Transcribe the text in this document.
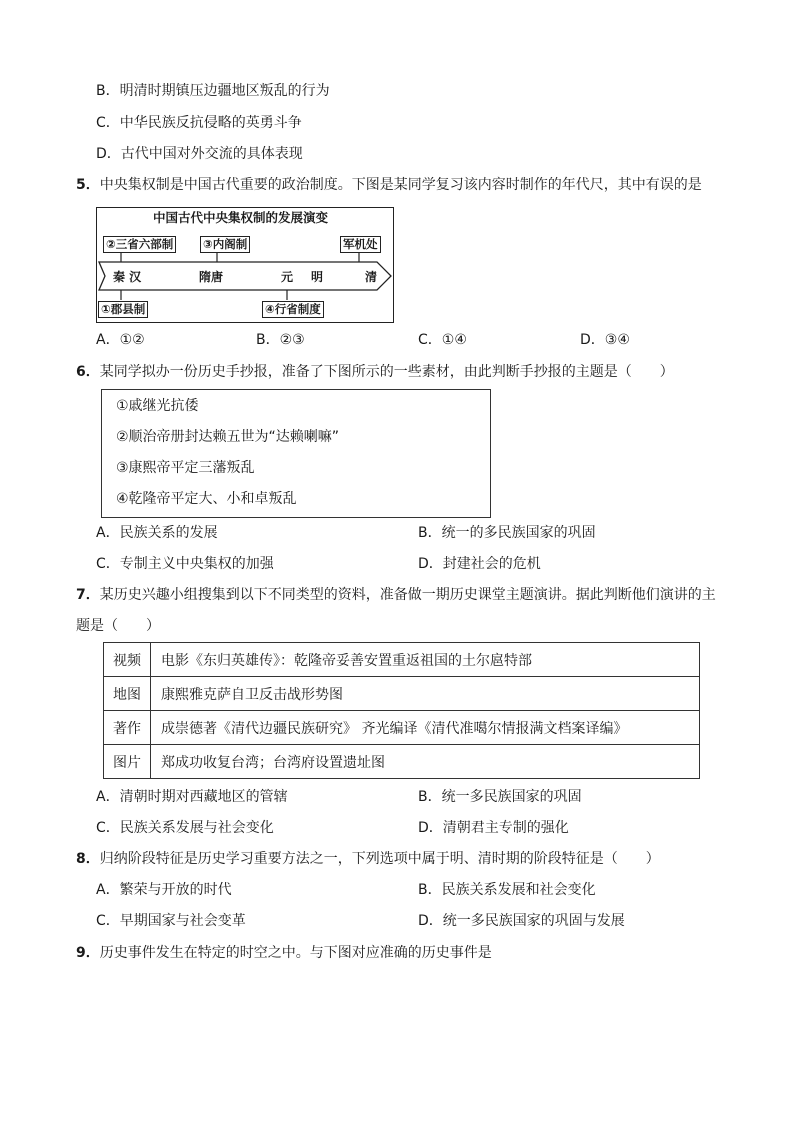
B．明清时期镇压边疆地区叛乱的行为
C．中华民族反抗侵略的英勇斗争
D．古代中国对外交流的具体表现
5．中央集权制是中国古代重要的政治制度。下图是某同学复习该内容时制作的年代尺，其中有误的是
中国古代中央集权制的发展演变
②三省六部制	③内阁制	军机处
秦 汉	隋唐	元 明	清
①郡县制	④行省制度
A．①②	B．②③	C．①④	D．③④
6．某同学拟办一份历史手抄报，准备了下图所示的一些素材，由此判断手抄报的主题是（　　）
①戚继光抗倭
②顺治帝册封达赖五世为“达赖喇嘛”
③康熙帝平定三藩叛乱
④乾隆帝平定大、小和卓叛乱
A．民族关系的发展	B．统一的多民族国家的巩固
C．专制主义中央集权的加强	D．封建社会的危机
7．某历史兴趣小组搜集到以下不同类型的资料，准备做一期历史课堂主题演讲。据此判断他们演讲的主
题是（　　）
视频	电影《东归英雄传》：乾隆帝妥善安置重返祖国的土尔扈特部
地图	康熙雅克萨自卫反击战形势图
著作	成崇德著《清代边疆民族研究》 齐光编译《清代准噶尔情报满文档案译编》
图片	郑成功收复台湾；台湾府设置遗址图
A．清朝时期对西藏地区的管辖	B．统一多民族国家的巩固
C．民族关系发展与社会变化	D．清朝君主专制的强化
8．归纳阶段特征是历史学习重要方法之一，下列选项中属于明、清时期的阶段特征是（　　）
A．繁荣与开放的时代	B．民族关系发展和社会变化
C．早期国家与社会变革	D．统一多民族国家的巩固与发展
9．历史事件发生在特定的时空之中。与下图对应准确的历史事件是
